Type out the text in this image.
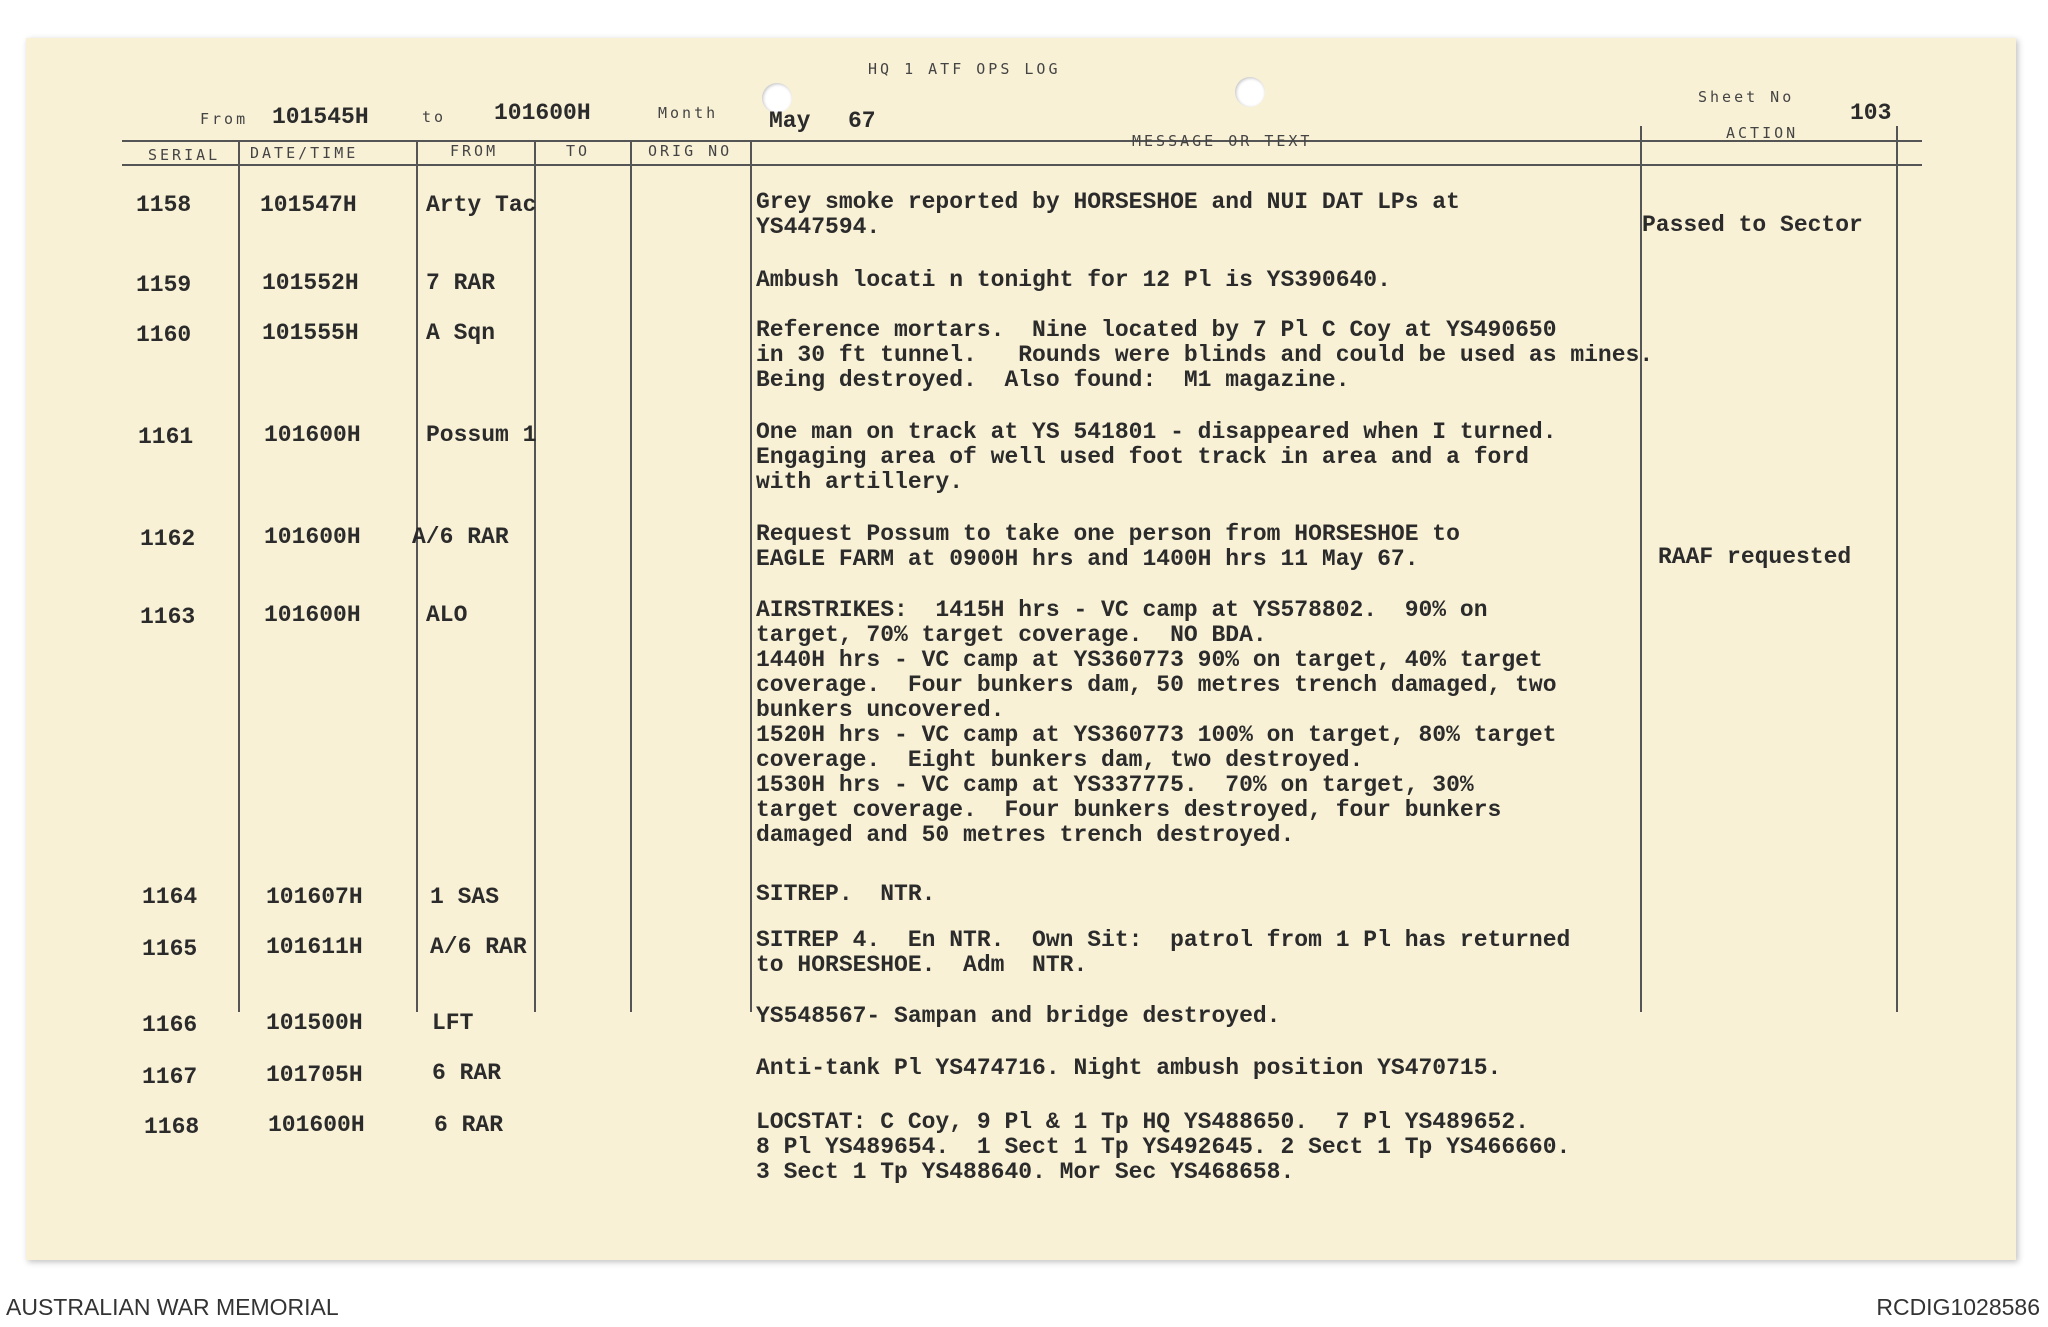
HQ 1 ATF OPS LOG
From 101545H	to 101600H	Month May 67
Sheet No
103
SERIAL DATE/TIME	FROM	TO	ORIG NO
MESSAGE OR TEXT	ACTION
1158	101547H	Arty Tac	Grey smoke reported by HORSESHOE and NUI DAT LPs at
YS447594.	Passed to Sector
1159	101552H	7 RAR	Ambush locati n tonight for 12 Pl is YS390640.
1160	101555H	A Sqn	Reference mortars.  Nine located by 7 Pl C Coy at YS490650
in 30 ft tunnel.   Rounds were blinds and could be used as mines.
Being destroyed.  Also found:  M1 magazine.
1161	101600H	Possum 1	One man on track at YS 541801 - disappeared when I turned.
Engaging area of well used foot track in area and a ford
with artillery.
1162	101600H A/6 RAR	Request Possum to take one person from HORSESHOE to
EAGLE FARM at 0900H hrs and 1400H hrs 11 May 67.	RAAF requested
1163	101600H	ALO	AIRSTRIKES:  1415H hrs - VC camp at YS578802.  90% on
target, 70% target coverage.  NO BDA.
1440H hrs - VC camp at YS360773 90% on target, 40% target
coverage.  Four bunkers dam, 50 metres trench damaged, two
bunkers uncovered.
1520H hrs - VC camp at YS360773 100% on target, 80% target
coverage.  Eight bunkers dam, two destroyed.
1530H hrs - VC camp at YS337775.  70% on target, 30%
target coverage.  Four bunkers destroyed, four bunkers
damaged and 50 metres trench destroyed.
1164	101607H	1 SAS	SITREP.  NTR.
1165	101611H	A/6 RAR	SITREP 4.  En NTR.  Own Sit:  patrol from 1 Pl has returned
to HORSESHOE.  Adm  NTR.
1166	101500H	LFT	YS548567- Sampan and bridge destroyed.
1167	101705H	6 RAR	Anti-tank Pl YS474716. Night ambush position YS470715.
1168	101600H	6 RAR	LOCSTAT: C Coy, 9 Pl & 1 Tp HQ YS488650.  7 Pl YS489652.
8 Pl YS489654.  1 Sect 1 Tp YS492645. 2 Sect 1 Tp YS466660.
3 Sect 1 Tp YS488640. Mor Sec YS468658.
AUSTRALIAN WAR MEMORIAL	RCDIG1028586
